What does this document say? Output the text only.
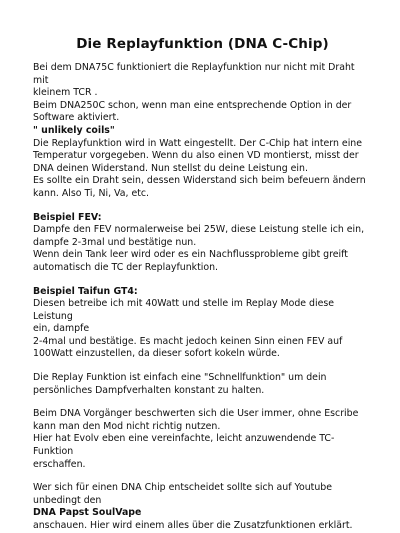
Die Replayfunktion (DNA C-Chip)
Bei dem DNA75C funktioniert die Replayfunktion nur nicht mit Draht mit
kleinem TCR .
Beim DNA250C schon, wenn man eine entsprechende Option in der
Software aktiviert.
" unlikely coils"
Die Replayfunktion wird in Watt eingestellt. Der C-Chip hat intern eine
Temperatur vorgegeben. Wenn du also einen VD montierst, misst der
DNA deinen Widerstand. Nun stellst du deine Leistung ein.
Es sollte ein Draht sein, dessen Widerstand sich beim befeuern ändern
kann. Also Ti, Ni, Va, etc.
Beispiel FEV:
Dampfe den FEV normalerweise bei 25W, diese Leistung stelle ich ein,
dampfe 2-3mal und bestätige nun.
Wenn dein Tank leer wird oder es ein Nachflussprobleme gibt greift
automatisch die TC der Replayfunktion.
Beispiel Taifun GT4:
Diesen betreibe ich mit 40Watt und stelle im Replay Mode diese Leistung
ein, dampfe
2-4mal und bestätige. Es macht jedoch keinen Sinn einen FEV auf
100Watt einzustellen, da dieser sofort kokeln würde.
Die Replay Funktion ist einfach eine "Schnellfunktion" um dein
persönliches Dampfverhalten konstant zu halten.
Beim DNA Vorgänger beschwerten sich die User immer, ohne Escribe
kann man den Mod nicht richtig nutzen.
Hier hat Evolv eben eine vereinfachte, leicht anzuwendende TC-Funktion
erschaffen.
Wer sich für einen DNA Chip entscheidet sollte sich auf Youtube
unbedingt den
DNA Papst SoulVape
anschauen. Hier wird einem alles über die Zusatzfunktionen erklärt.
